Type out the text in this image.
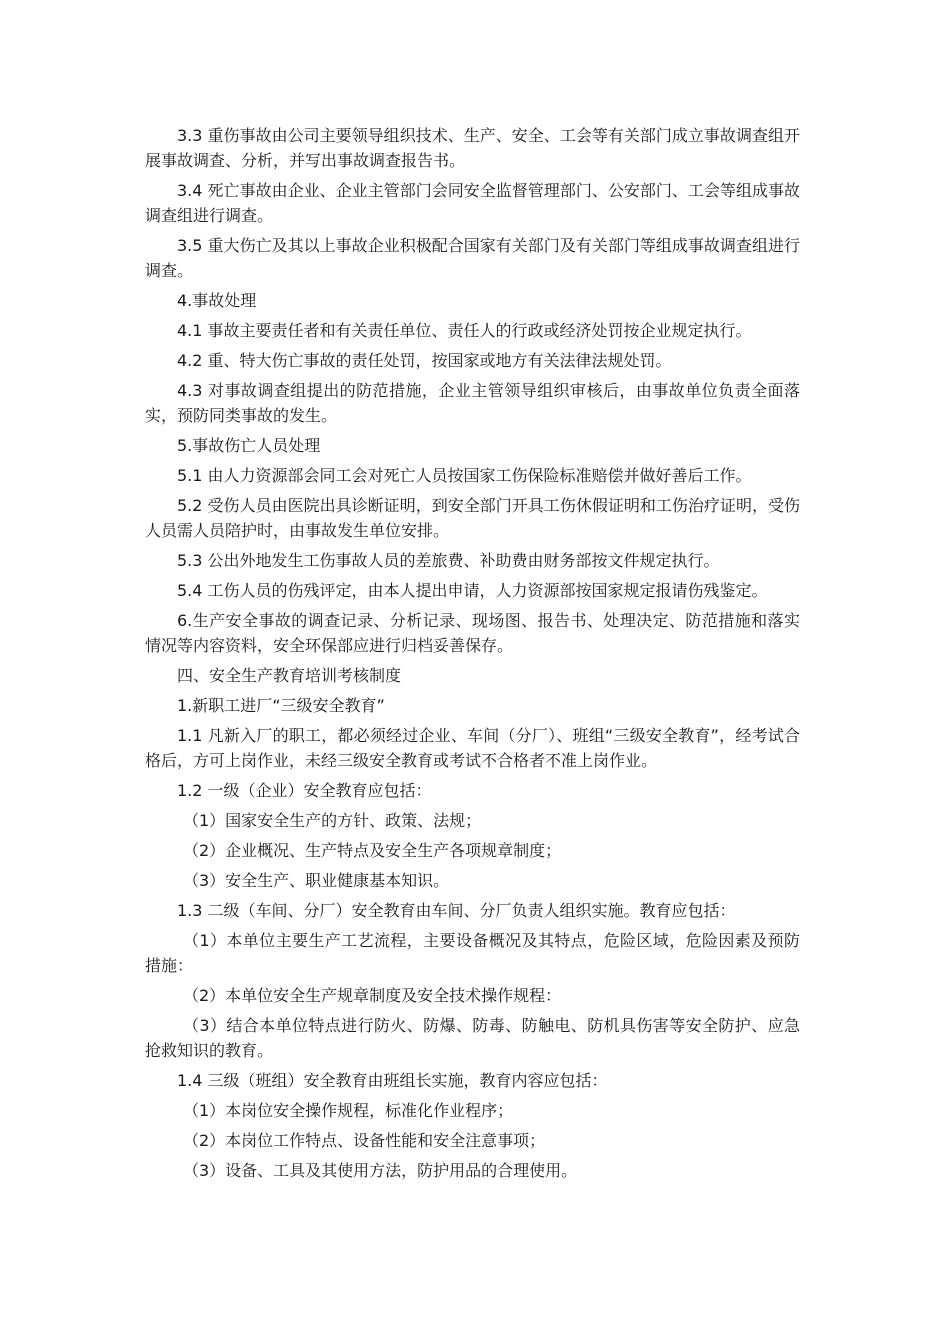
3.3 重伤事故由公司主要领导组织技术、生产、安全、工会等有关部门成立事故调查组开展事故调查、分析，并写出事故调查报告书。

3.4 死亡事故由企业、企业主管部门会同安全监督管理部门、公安部门、工会等组成事故调查组进行调查。

3.5 重大伤亡及其以上事故企业积极配合国家有关部门及有关部门等组成事故调查组进行调查。

4.事故处理

4.1 事故主要责任者和有关责任单位、责任人的行政或经济处罚按企业规定执行。

4.2 重、特大伤亡事故的责任处罚，按国家或地方有关法律法规处罚。

4.3 对事故调查组提出的防范措施，企业主管领导组织审核后，由事故单位负责全面落实，预防同类事故的发生。

5.事故伤亡人员处理

5.1 由人力资源部会同工会对死亡人员按国家工伤保险标准赔偿并做好善后工作。

5.2 受伤人员由医院出具诊断证明，到安全部门开具工伤休假证明和工伤治疗证明，受伤人员需人员陪护时，由事故发生单位安排。

5.3 公出外地发生工伤事故人员的差旅费、补助费由财务部按文件规定执行。

5.4 工伤人员的伤残评定，由本人提出申请，人力资源部按国家规定报请伤残鉴定。

6.生产安全事故的调查记录、分析记录、现场图、报告书、处理决定、防范措施和落实情况等内容资料，安全环保部应进行归档妥善保存。

四、安全生产教育培训考核制度

1.新职工进厂“三级安全教育”

1.1 凡新入厂的职工，都必须经过企业、车间（分厂）、班组“三级安全教育”，经考试合格后，方可上岗作业，未经三级安全教育或考试不合格者不准上岗作业。

1.2 一级（企业）安全教育应包括：

（1）国家安全生产的方针、政策、法规；

（2）企业概况、生产特点及安全生产各项规章制度；

（3）安全生产、职业健康基本知识。

1.3 二级（车间、分厂）安全教育由车间、分厂负责人组织实施。教育应包括：

（1）本单位主要生产工艺流程，主要设备概况及其特点，危险区域，危险因素及预防措施：

（2）本单位安全生产规章制度及安全技术操作规程：

（3）结合本单位特点进行防火、防爆、防毒、防触电、防机具伤害等安全防护、应急抢救知识的教育。

1.4 三级（班组）安全教育由班组长实施，教育内容应包括：

（1）本岗位安全操作规程，标准化作业程序；

（2）本岗位工作特点、设备性能和安全注意事项；

（3）设备、工具及其使用方法，防护用品的合理使用。
